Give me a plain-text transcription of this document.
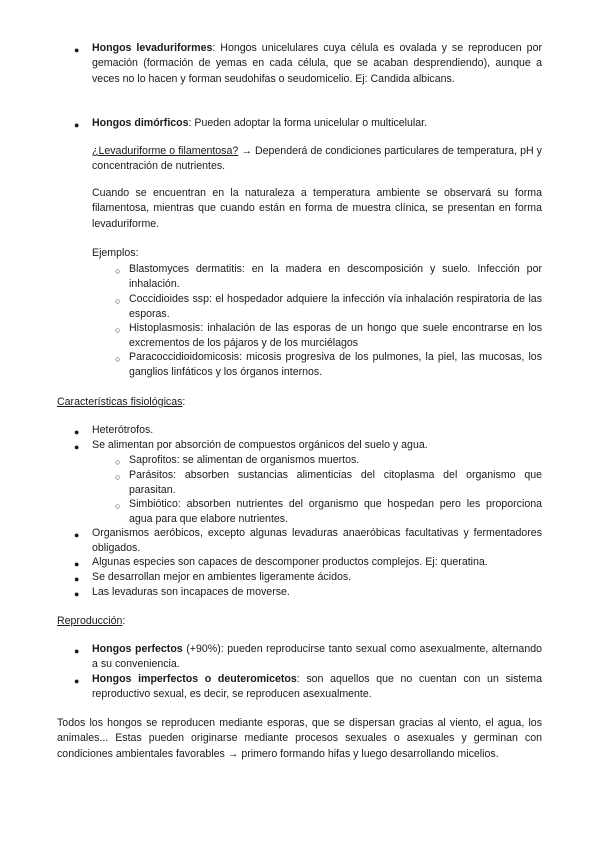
● Hongos levaduriformes: Hongos unicelulares cuya célula es ovalada y se reproducen por gemación (formación de yemas en cada célula, que se acaban desprendiendo), aunque a veces no lo hacen y forman seudohifas o seudomicelio. Ej: Candida albicans.

● Hongos dimórficos: Pueden adoptar la forma unicelular o multicelular.

¿Levaduriforme o filamentosa? → Dependerá de condiciones particulares de temperatura, pH y concentración de nutrientes.

Cuando se encuentran en la naturaleza a temperatura ambiente se observará su forma filamentosa, mientras que cuando están en forma de muestra clínica, se presentan en forma levaduriforme.

Ejemplos:

○ Blastomyces dermatitis: en la madera en descomposición y suelo. Infección por inhalación.

○ Coccidioides ssp: el hospedador adquiere la infección vía inhalación respiratoria de las esporas.

○ Histoplasmosis: inhalación de las esporas de un hongo que suele encontrarse en los excrementos de los pájaros y de los murciélagos

○ Paracoccidioidomicosis: micosis progresiva de los pulmones, la piel, las mucosas, los ganglios linfáticos y los órganos internos.

Características fisiológicas:

● Heterótrofos.

● Se alimentan por absorción de compuestos orgánicos del suelo y agua.

○ Saprofitos: se alimentan de organismos muertos.

○ Parásitos: absorben sustancias alimenticias del citoplasma del organismo que parasitan.

○ Simbiótico: absorben nutrientes del organismo que hospedan pero les proporciona agua para que elabore nutrientes.

● Organismos aeróbicos, excepto algunas levaduras anaeróbicas facultativas y fermentadores obligados.

● Algunas especies son capaces de descomponer productos complejos. Ej: queratina.

● Se desarrollan mejor en ambientes ligeramente ácidos.

● Las levaduras son incapaces de moverse.

Reproducción:

● Hongos perfectos (+90%): pueden reproducirse tanto sexual como asexualmente, alternando a su conveniencia.

● Hongos imperfectos o deuteromicetos: son aquellos que no cuentan con un sistema reproductivo sexual, es decir, se reproducen asexualmente.

Todos los hongos se reproducen mediante esporas, que se dispersan gracias al viento, el agua, los animales... Estas pueden originarse mediante procesos sexuales o asexuales y germinan con condiciones ambientales favorables → primero formando hifas y luego desarrollando micelios.
